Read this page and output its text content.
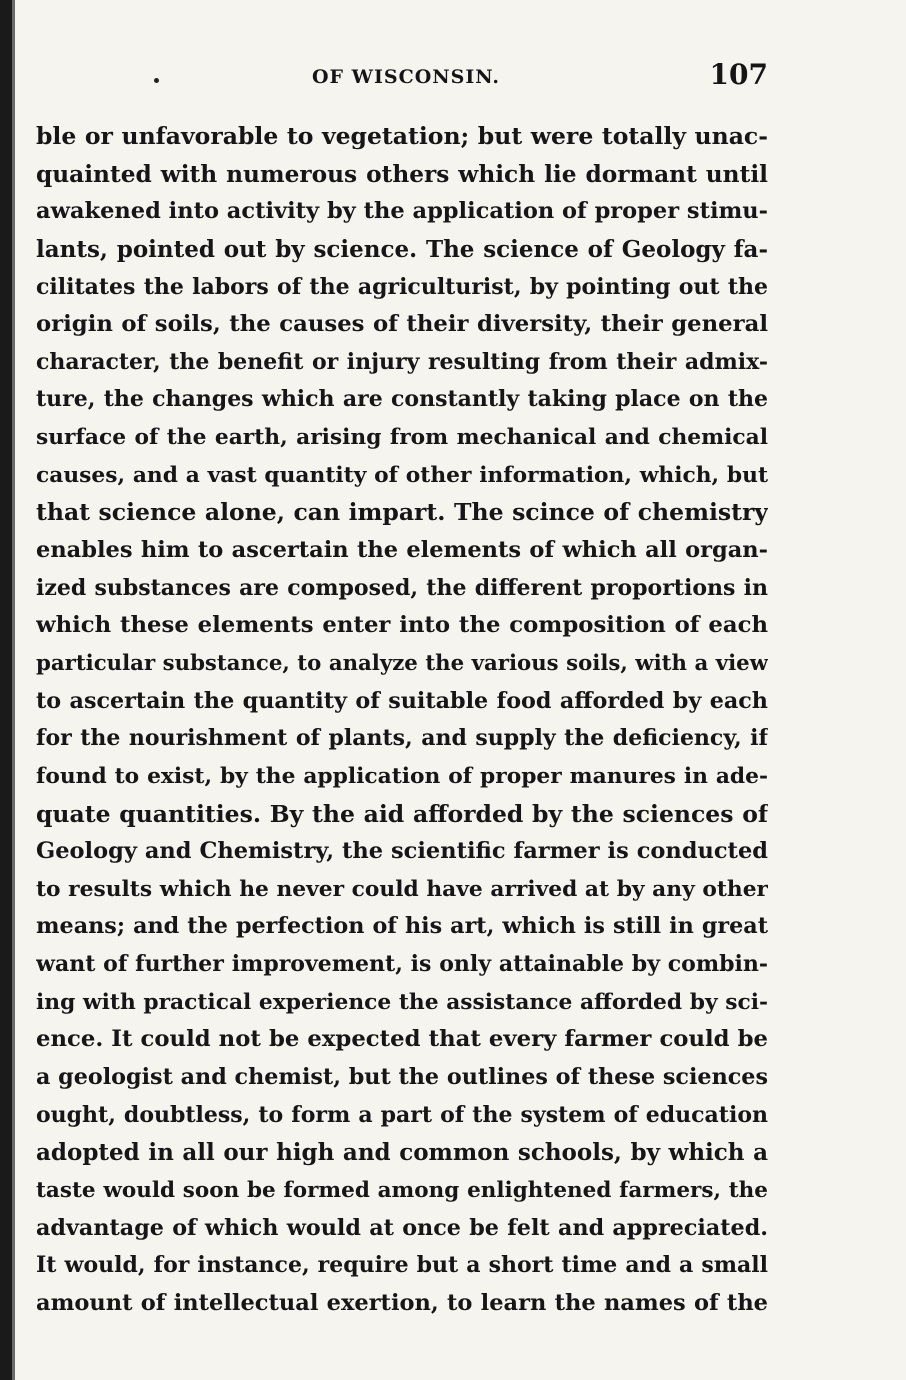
OF WISCONSIN.	107
ble or unfavorable to vegetation; but were totally unac-
quainted with numerous others which lie dormant until
awakened into activity by the application of proper stimu-
lants, pointed out by science. The science of Geology fa-
cilitates the labors of the agriculturist, by pointing out the
origin of soils, the causes of their diversity, their general
character, the benefit or injury resulting from their admix-
ture, the changes which are constantly taking place on the
surface of the earth, arising from mechanical and chemical
causes, and a vast quantity of other information, which, but
that science alone, can impart. The scince of chemistry
enables him to ascertain the elements of which all organ-
ized substances are composed, the different proportions in
which these elements enter into the composition of each
particular substance, to analyze the various soils, with a view
to ascertain the quantity of suitable food afforded by each
for the nourishment of plants, and supply the deficiency, if
found to exist, by the application of proper manures in ade-
quate quantities. By the aid afforded by the sciences of
Geology and Chemistry, the scientific farmer is conducted
to results which he never could have arrived at by any other
means; and the perfection of his art, which is still in great
want of further improvement, is only attainable by combin-
ing with practical experience the assistance afforded by sci-
ence. It could not be expected that every farmer could be
a geologist and chemist, but the outlines of these sciences
ought, doubtless, to form a part of the system of education
adopted in all our high and common schools, by which a
taste would soon be formed among enlightened farmers, the
advantage of which would at once be felt and appreciated.
It would, for instance, require but a short time and a small
amount of intellectual exertion, to learn the names of the
